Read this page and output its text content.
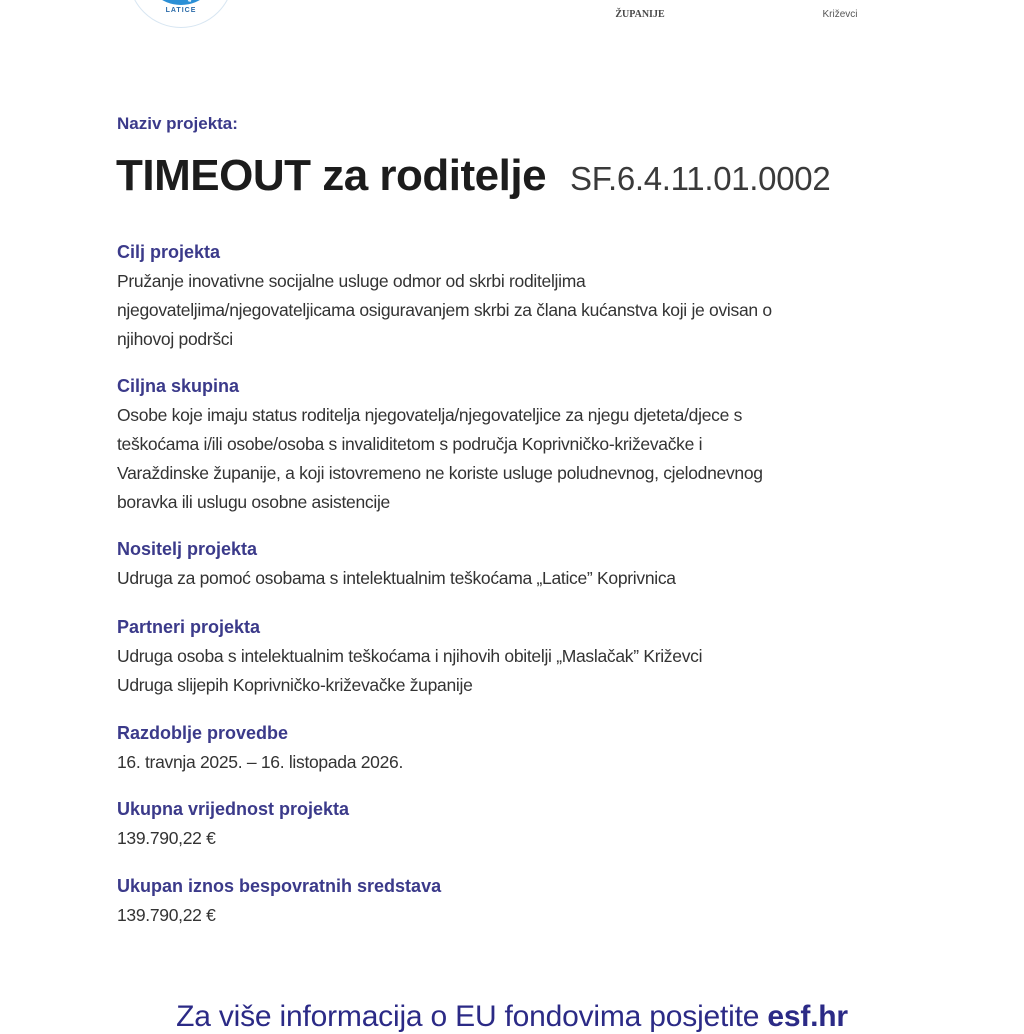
LATICE
	ŽUPANIJE
	Križevci
Naziv projekta:
TIMEOUT za roditelje SF.6.4.11.01.0002
Cilj projekta
Pružanje inovativne socijalne usluge odmor od skrbi roditeljima
njegovateljima/njegovateljicama osiguravanjem skrbi za člana kućanstva koji je ovisan o
njihovoj podršci
Ciljna skupina
Osobe koje imaju status roditelja njegovatelja/njegovateljice za njegu djeteta/djece s
teškoćama i/ili osobe/osoba s invaliditetom s područja Koprivničko-križevačke i
Varaždinske županije, a koji istovremeno ne koriste usluge poludnevnog, cjelodnevnog
boravka ili uslugu osobne asistencije
Nositelj projekta
Udruga za pomoć osobama s intelektualnim teškoćama „Latice” Koprivnica
Partneri projekta
Udruga osoba s intelektualnim teškoćama i njihovih obitelji „Maslačak” Križevci
Udruga slijepih Koprivničko-križevačke županije
Razdoblje provedbe
16. travnja 2025. – 16. listopada 2026.
Ukupna vrijednost projekta
139.790,22 €
Ukupan iznos bespovratnih sredstava
139.790,22 €
Za više informacija o EU fondovima posjetite esf.hr
